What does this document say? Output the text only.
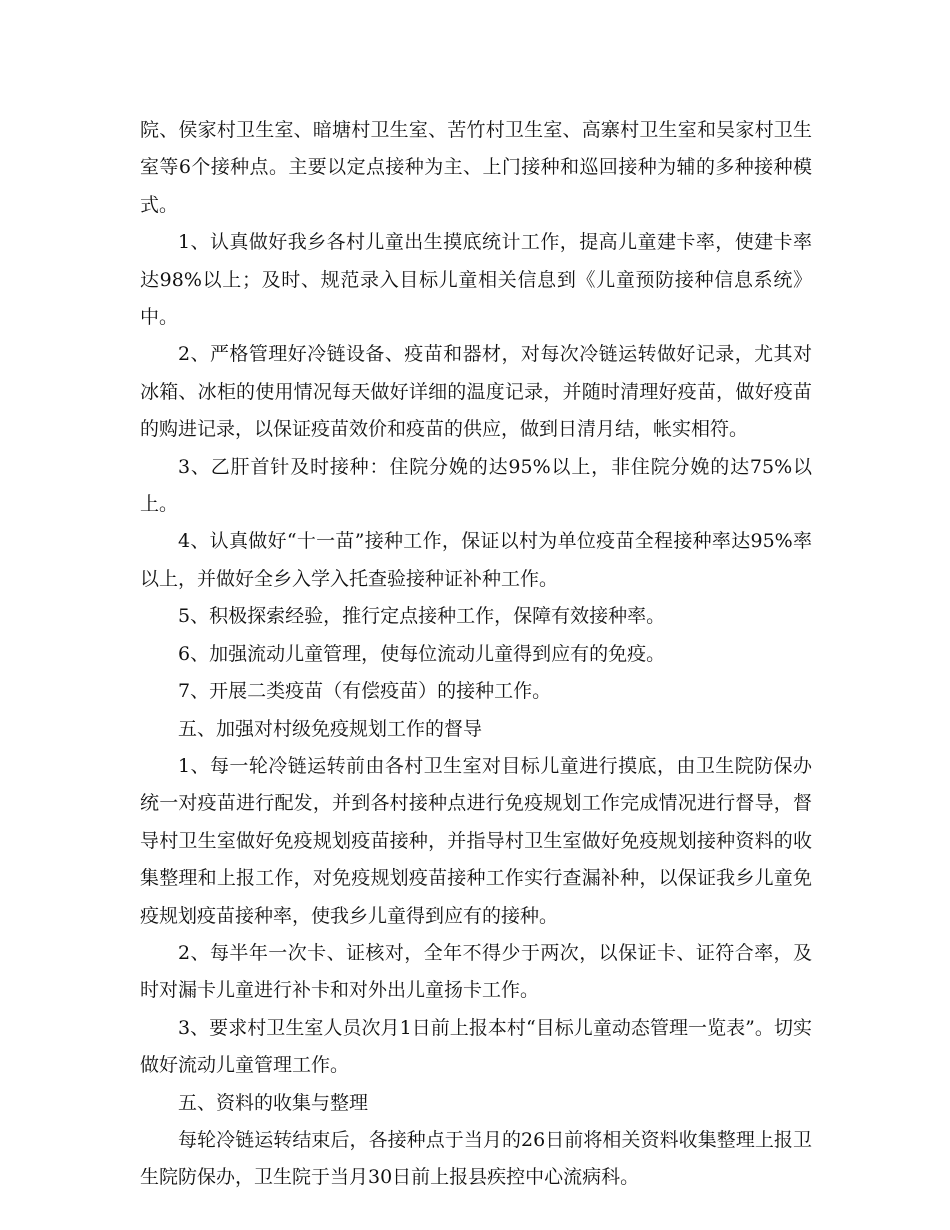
院、侯家村卫生室、暗塘村卫生室、苦竹村卫生室、高寨村卫生室和吴家村卫生室等6个接种点。主要以定点接种为主、上门接种和巡回接种为辅的多种接种模式。

1、认真做好我乡各村儿童出生摸底统计工作，提高儿童建卡率，使建卡率达98%以上；及时、规范录入目标儿童相关信息到《儿童预防接种信息系统》中。

2、严格管理好冷链设备、疫苗和器材，对每次冷链运转做好记录，尤其对冰箱、冰柜的使用情况每天做好详细的温度记录，并随时清理好疫苗，做好疫苗的购进记录，以保证疫苗效价和疫苗的供应，做到日清月结，帐实相符。

3、乙肝首针及时接种：住院分娩的达95%以上，非住院分娩的达75%以上。

4、认真做好“十一苗”接种工作，保证以村为单位疫苗全程接种率达95%率以上，并做好全乡入学入托查验接种证补种工作。

5、积极探索经验，推行定点接种工作，保障有效接种率。

6、加强流动儿童管理，使每位流动儿童得到应有的免疫。

7、开展二类疫苗（有偿疫苗）的接种工作。

五、加强对村级免疫规划工作的督导

1、每一轮冷链运转前由各村卫生室对目标儿童进行摸底，由卫生院防保办统一对疫苗进行配发，并到各村接种点进行免疫规划工作完成情况进行督导，督导村卫生室做好免疫规划疫苗接种，并指导村卫生室做好免疫规划接种资料的收集整理和上报工作，对免疫规划疫苗接种工作实行查漏补种，以保证我乡儿童免疫规划疫苗接种率，使我乡儿童得到应有的接种。

2、每半年一次卡、证核对，全年不得少于两次，以保证卡、证符合率，及时对漏卡儿童进行补卡和对外出儿童扬卡工作。

3、要求村卫生室人员次月1日前上报本村“目标儿童动态管理一览表”。切实做好流动儿童管理工作。

五、资料的收集与整理

每轮冷链运转结束后，各接种点于当月的26日前将相关资料收集整理上报卫生院防保办，卫生院于当月30日前上报县疾控中心流病科。
